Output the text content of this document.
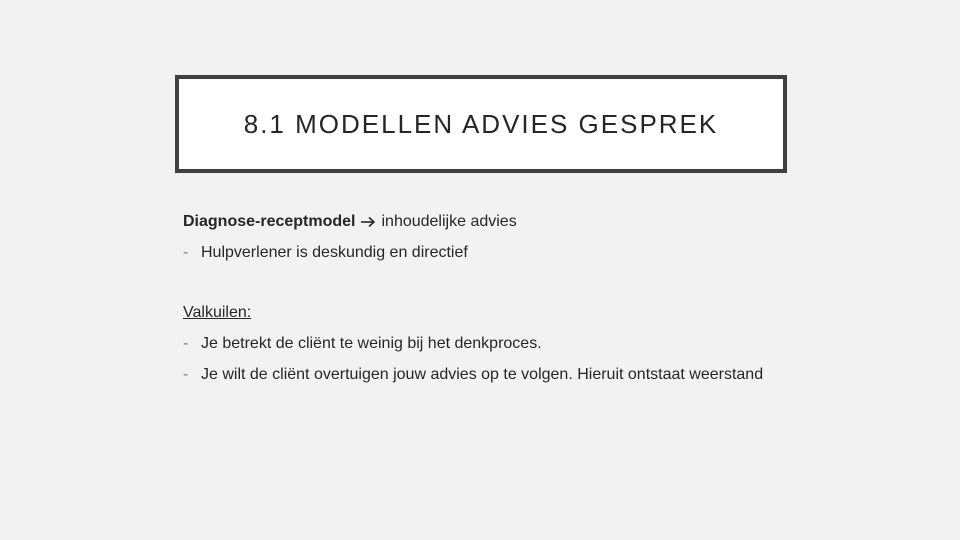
8.1 MODELLEN ADVIES GESPREK

Diagnose-receptmodel inhoudelijke advies

- Hulpverlener is deskundig en directief

Valkuilen:

- Je betrekt de cliënt te weinig bij het denkproces.
- Je wilt de cliënt overtuigen jouw advies op te volgen. Hieruit ontstaat weerstand
